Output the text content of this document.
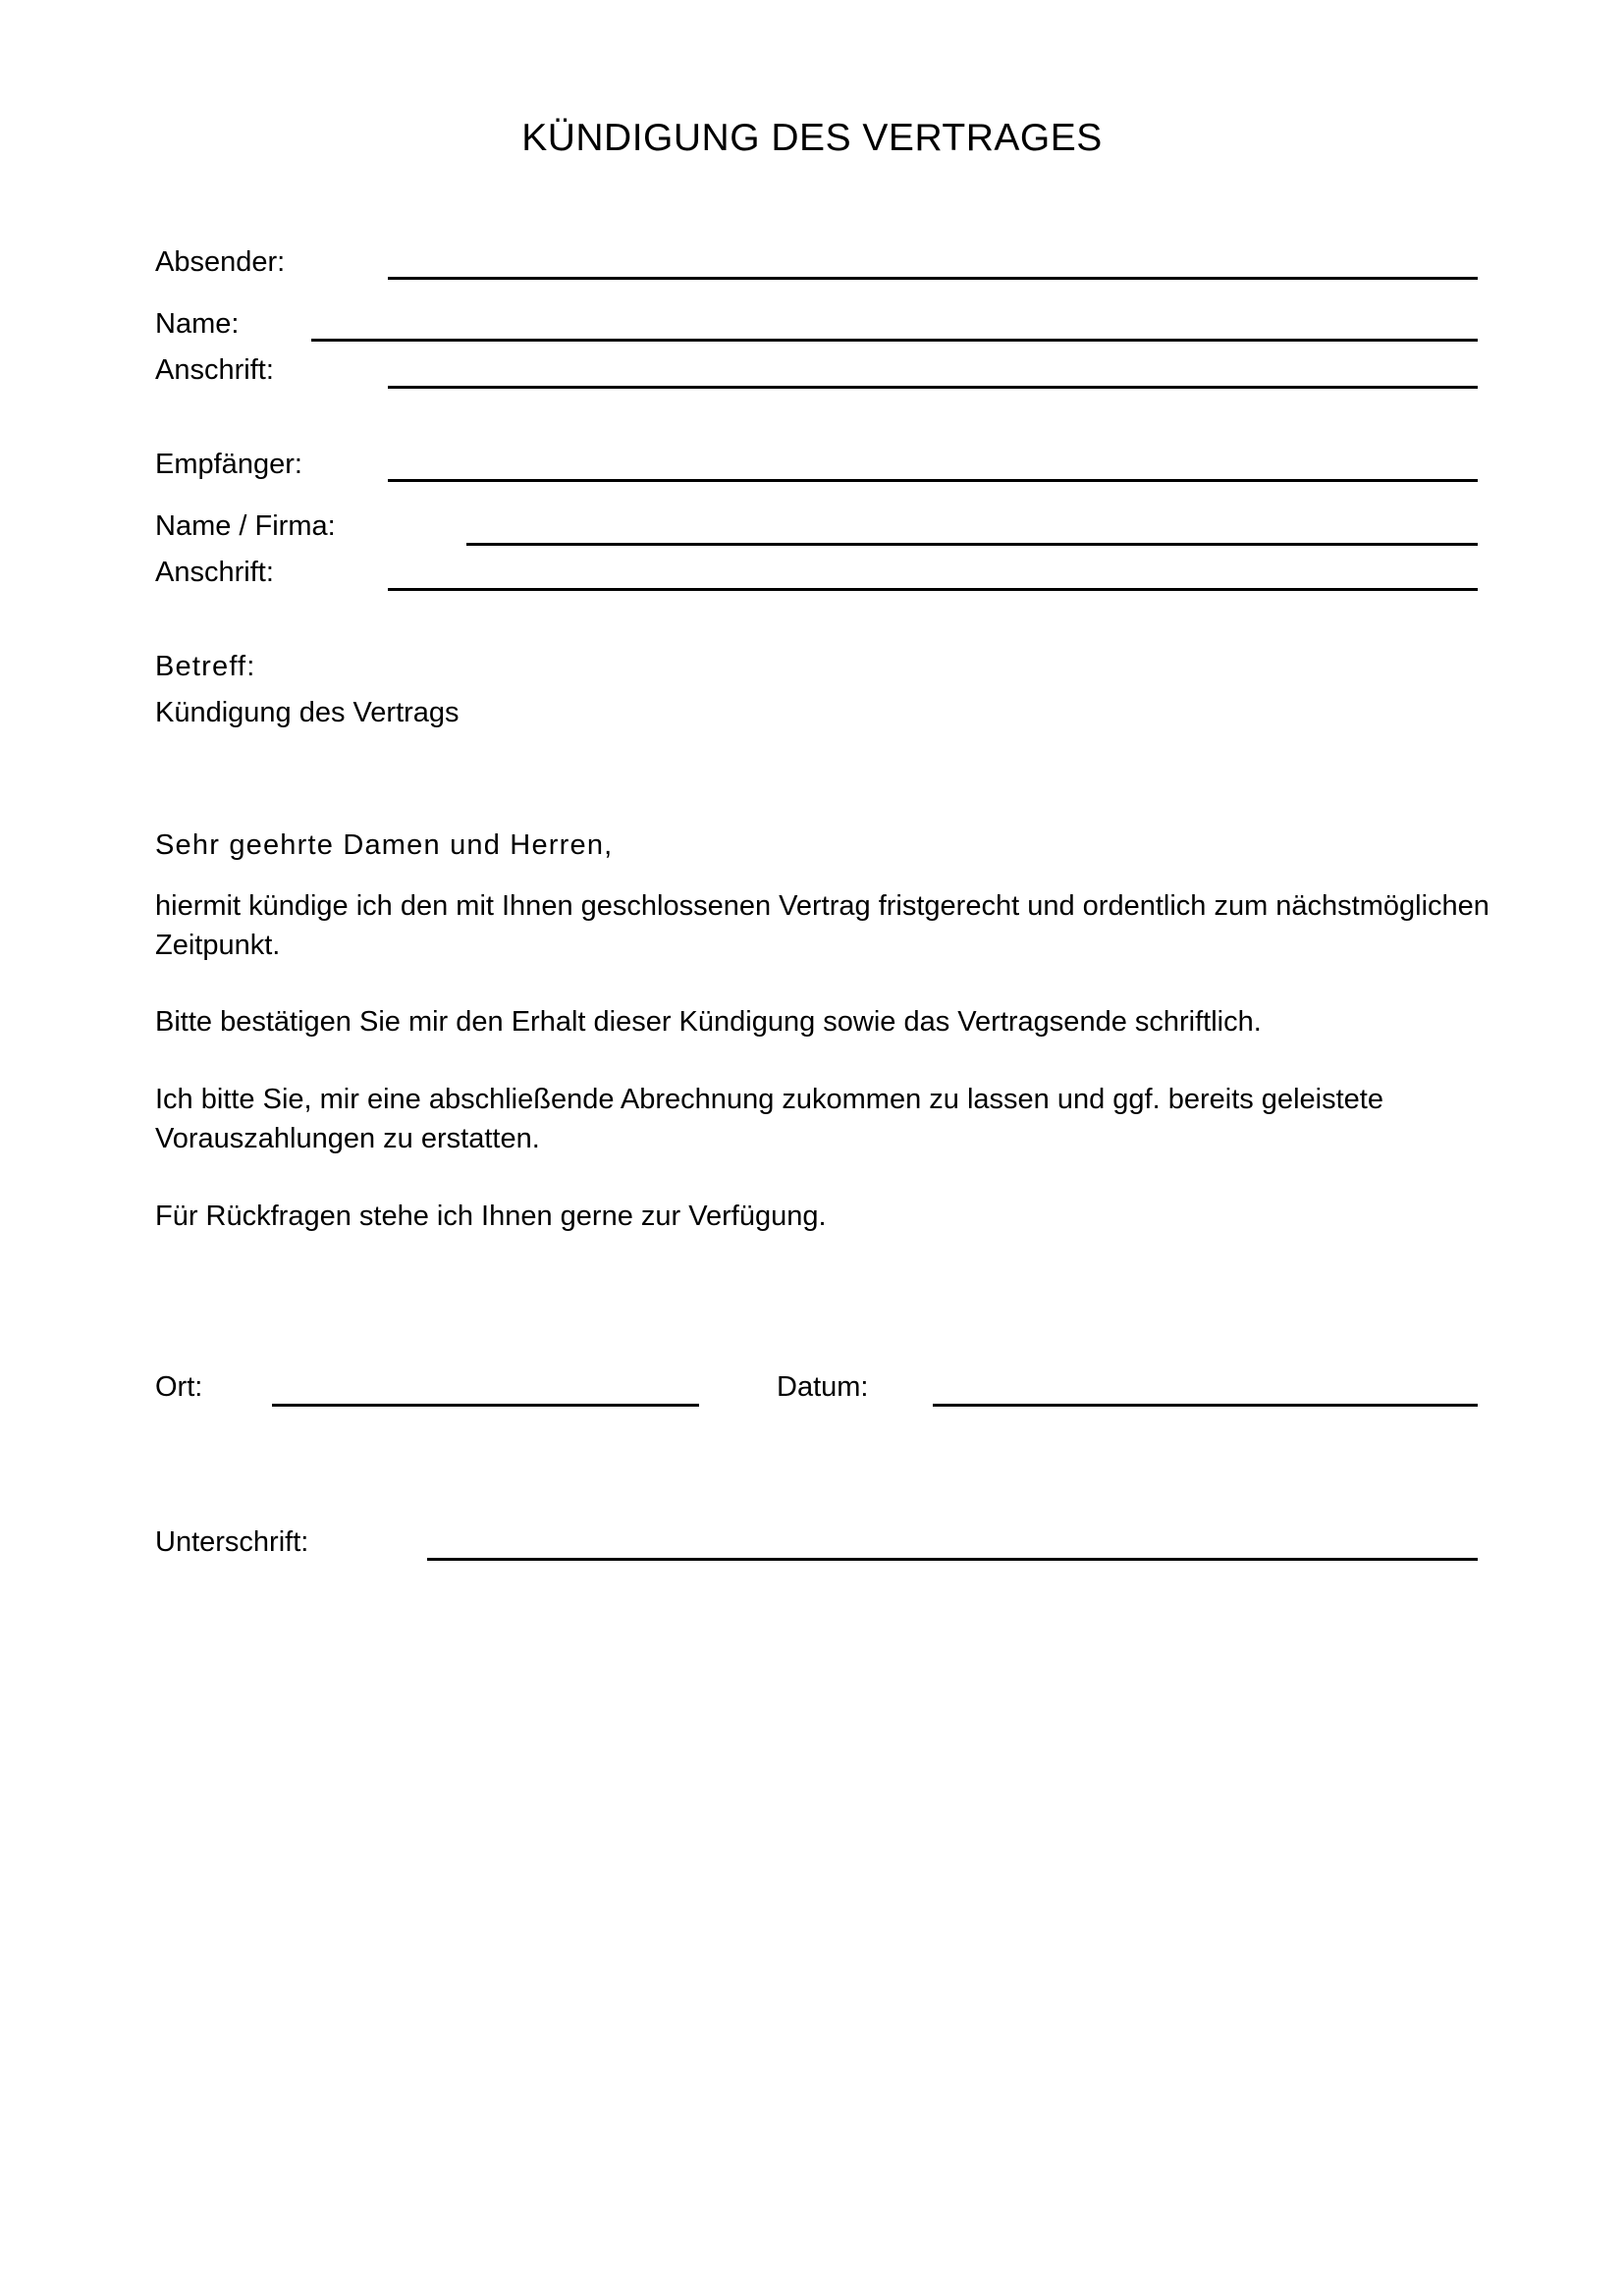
KÜNDIGUNG DES VERTRAGES
Absender:
Name:
Anschrift:
Empfänger:
Name / Firma:
Anschrift:
Betreff:
Kündigung des Vertrags
Sehr geehrte Damen und Herren,
hiermit kündige ich den mit Ihnen geschlossenen Vertrag fristgerecht und ordentlich zum nächstmöglichen
Zeitpunkt.
Bitte bestätigen Sie mir den Erhalt dieser Kündigung sowie das Vertragsende schriftlich.
Ich bitte Sie, mir eine abschließende Abrechnung zukommen zu lassen und ggf. bereits geleistete
Vorauszahlungen zu erstatten.
Für Rückfragen stehe ich Ihnen gerne zur Verfügung.
Ort:	Datum:
Unterschrift:
